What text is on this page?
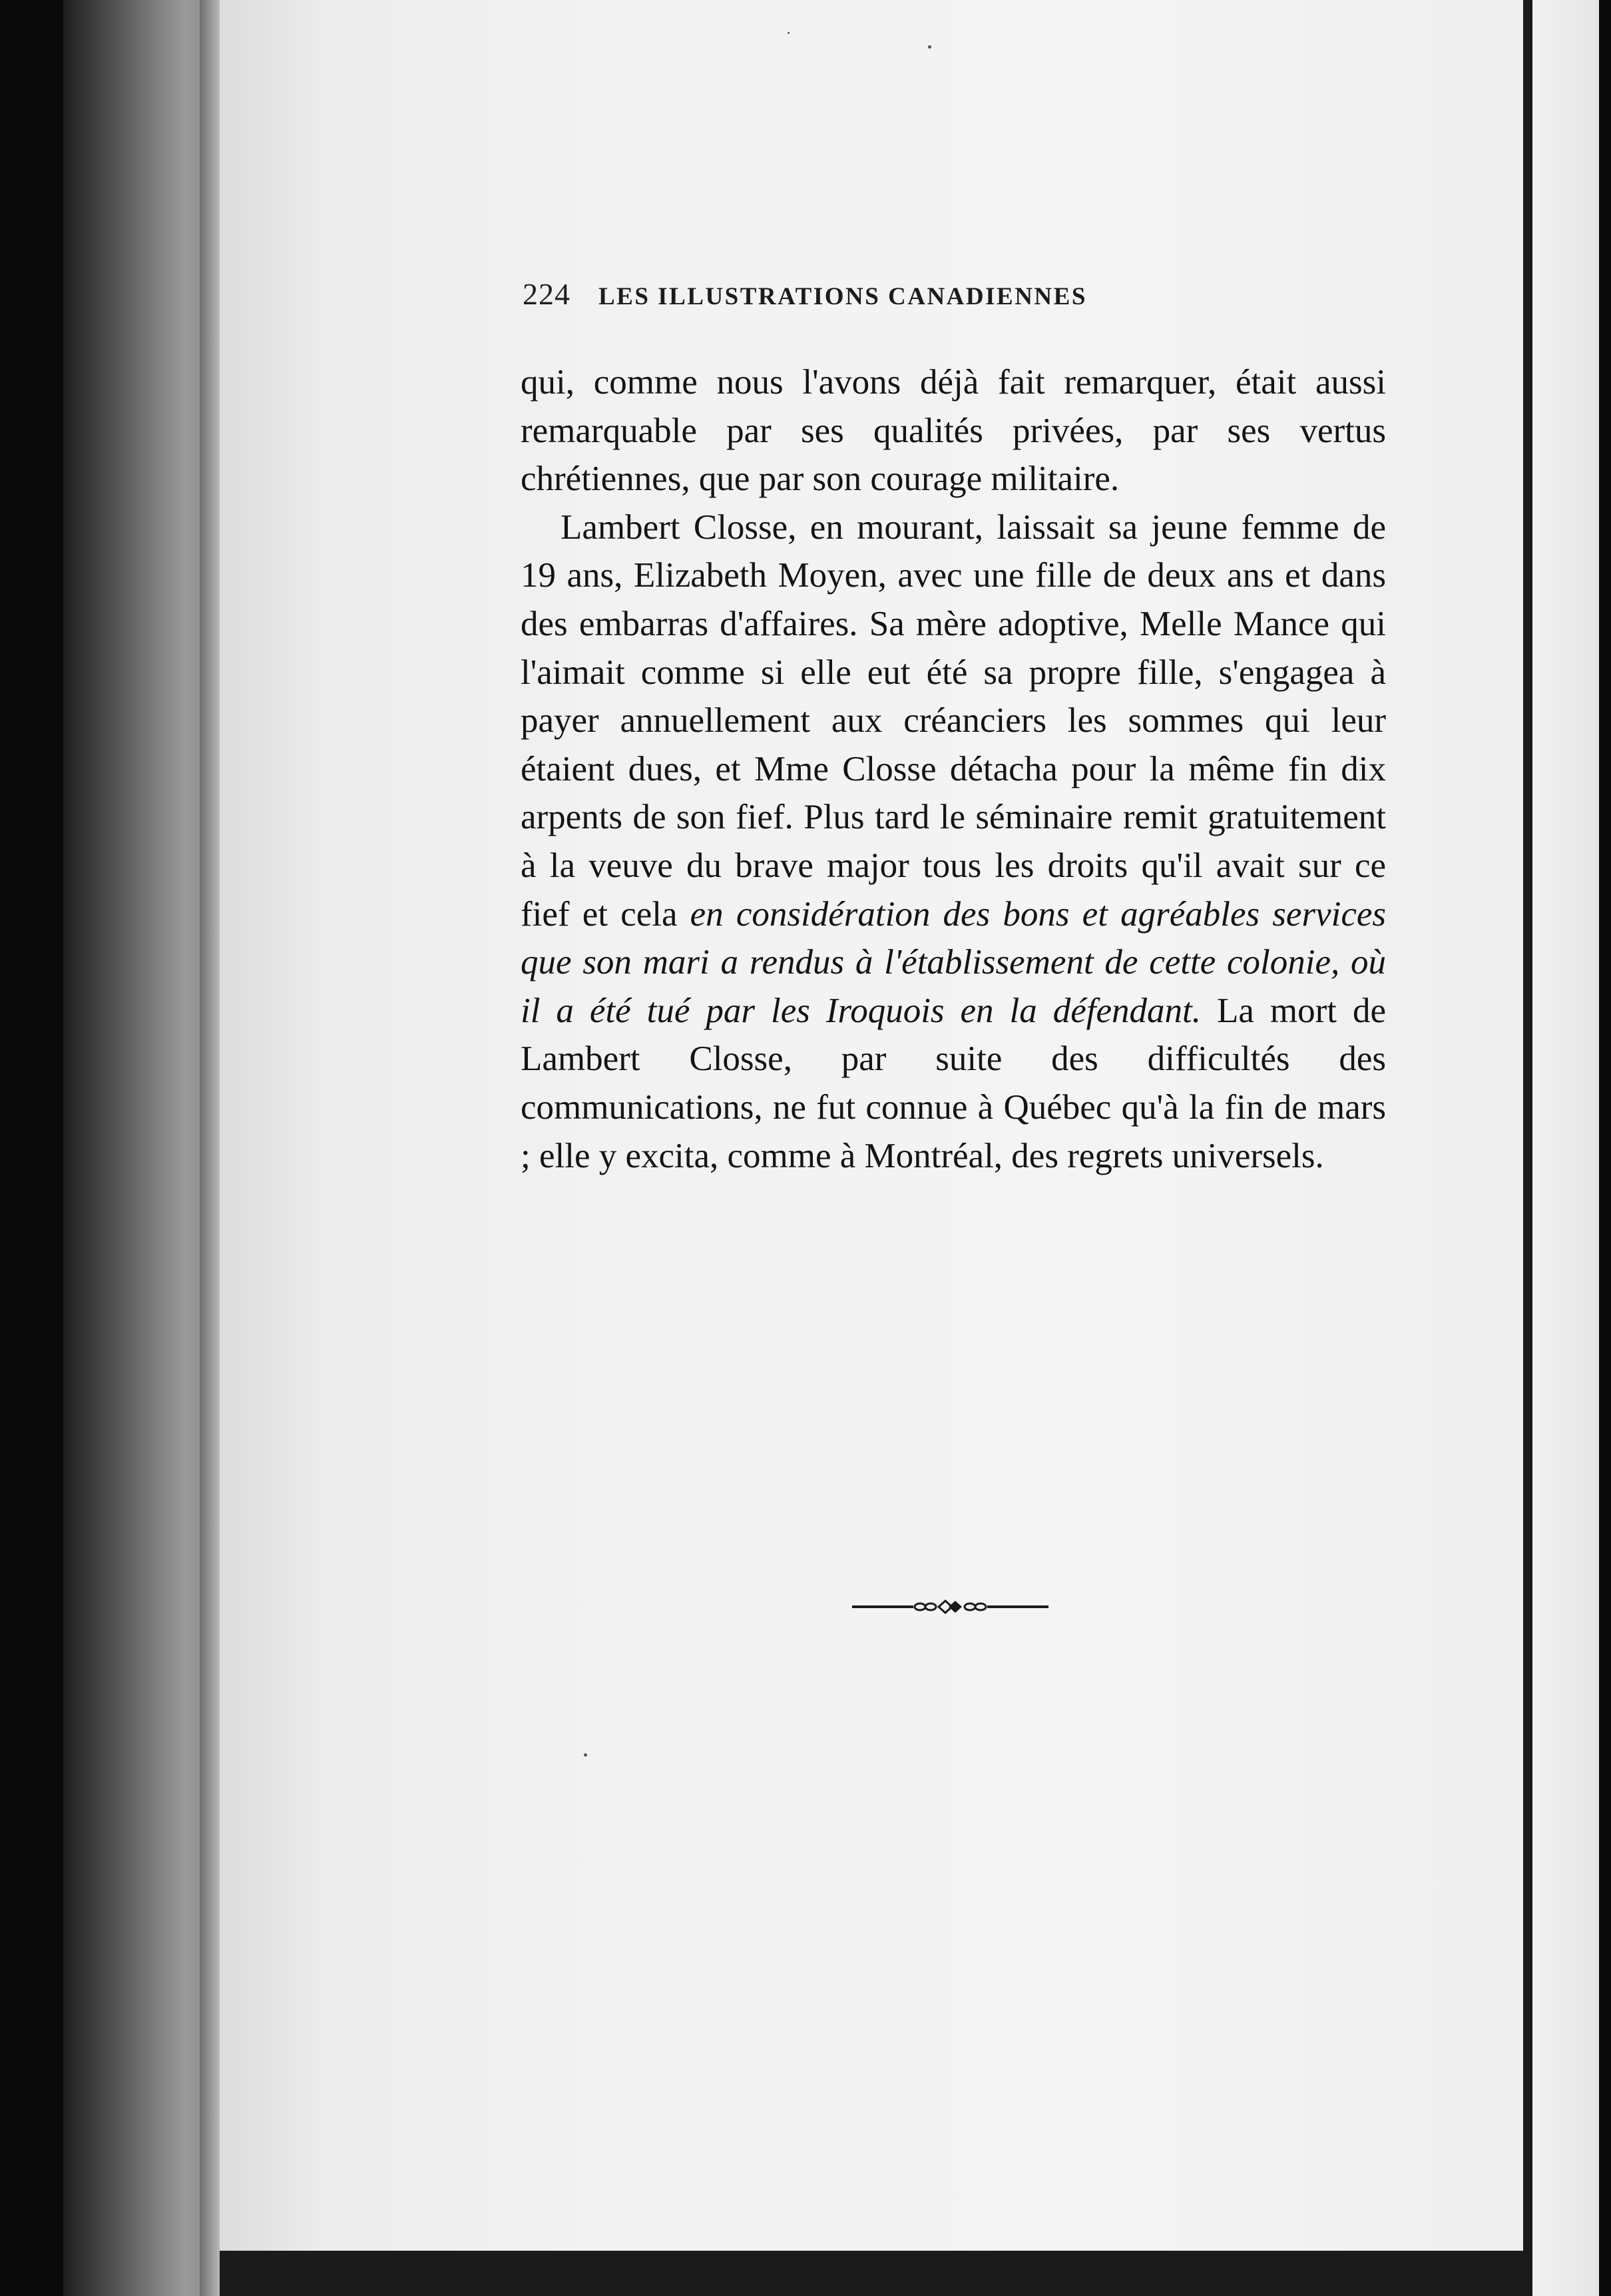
224 LES ILLUSTRATIONS CANADIENNES

qui, comme nous l'avons déjà fait remarquer, était aussi remarquable par ses qualités privées, par ses vertus chrétiennes, que par son courage militaire.

Lambert Closse, en mourant, laissait sa jeune femme de 19 ans, Elizabeth Moyen, avec une fille de deux ans et dans des embarras d'affaires. Sa mère adoptive, Melle Mance qui l'aimait comme si elle eut été sa propre fille, s'engagea à payer annuellement aux créanciers les sommes qui leur étaient dues, et Mme Closse détacha pour la même fin dix arpents de son fief. Plus tard le séminaire remit gratuitement à la veuve du brave major tous les droits qu'il avait sur ce fief et cela en considération des bons et agréables services que son mari a rendus à l'établissement de cette colonie, où il a été tué par les Iroquois en la défendant. La mort de Lambert Closse, par suite des difficultés des communications, ne fut connue à Québec qu'à la fin de mars ; elle y excita, comme à Montréal, des regrets universels.
